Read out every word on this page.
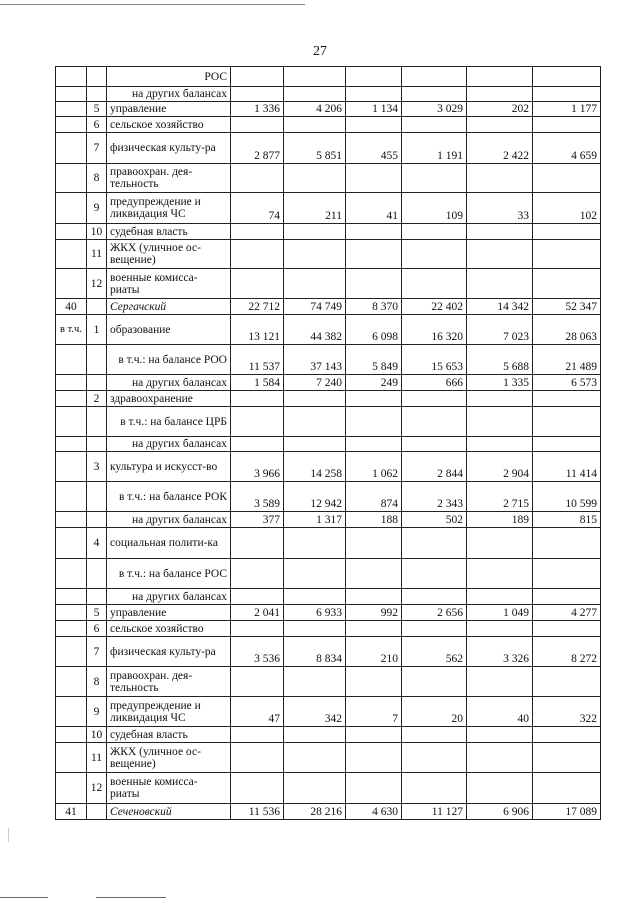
27
		РОС						
		на других балансах						
	5	управление	1 336	4 206	1 134	3 029	202	1 177
	6	сельское хозяйство						
	7	физическая культу-ра	2 877	5 851	455	1 191	2 422	4 659
	8	правоохран. дея-тельность						
	9	предупреждение и ликвидация ЧС	74	211	41	109	33	102
	10	судебная власть						
	11	ЖКХ (уличное ос-вещение)						
	12	военные комисса-риаты						
40		Сергачский	22 712	74 749	8 370	22 402	14 342	52 347
в т.ч.	1	образование	13 121	44 382	6 098	16 320	7 023	28 063
		в т.ч.: на балансе РОО	11 537	37 143	5 849	15 653	5 688	21 489
		на других балансах	1 584	7 240	249	666	1 335	6 573
	2	здравоохранение						
		в т.ч.: на балансе ЦРБ						
		на других балансах						
	3	культура и искусст-во	3 966	14 258	1 062	2 844	2 904	11 414
		в т.ч.: на балансе РОК	3 589	12 942	874	2 343	2 715	10 599
		на других балансах	377	1 317	188	502	189	815
	4	социальная полити-ка						
		в т.ч.: на балансе РОС						
		на других балансах						
	5	управление	2 041	6 933	992	2 656	1 049	4 277
	6	сельское хозяйство						
	7	физическая культу-ра	3 536	8 834	210	562	3 326	8 272
	8	правоохран. дея-тельность						
	9	предупреждение и ликвидация ЧС	47	342	7	20	40	322
	10	судебная власть						
	11	ЖКХ (уличное ос-вещение)						
	12	военные комисса-риаты						
41		Сеченовский	11 536	28 216	4 630	11 127	6 906	17 089
